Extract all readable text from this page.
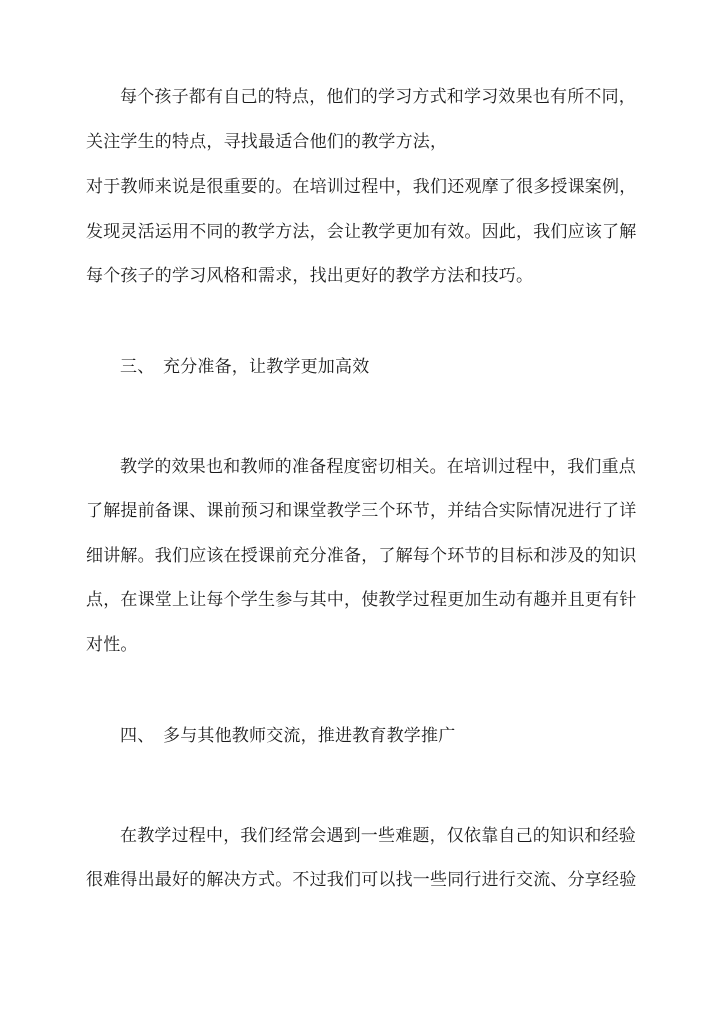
每个孩子都有自己的特点，他们的学习方式和学习效果也有所不同，
关注学生的特点，寻找最适合他们的教学方法，
对于教师来说是很重要的。在培训过程中，我们还观摩了很多授课案例，
发现灵活运用不同的教学方法，会让教学更加有效。因此，我们应该了解
每个孩子的学习风格和需求，找出更好的教学方法和技巧。
三、 充分准备，让教学更加高效
教学的效果也和教师的准备程度密切相关。在培训过程中，我们重点
了解提前备课、课前预习和课堂教学三个环节，并结合实际情况进行了详
细讲解。我们应该在授课前充分准备，了解每个环节的目标和涉及的知识
点，在课堂上让每个学生参与其中，使教学过程更加生动有趣并且更有针
对性。
四、 多与其他教师交流，推进教育教学推广
在教学过程中，我们经常会遇到一些难题，仅依靠自己的知识和经验
很难得出最好的解决方式。不过我们可以找一些同行进行交流、分享经验
